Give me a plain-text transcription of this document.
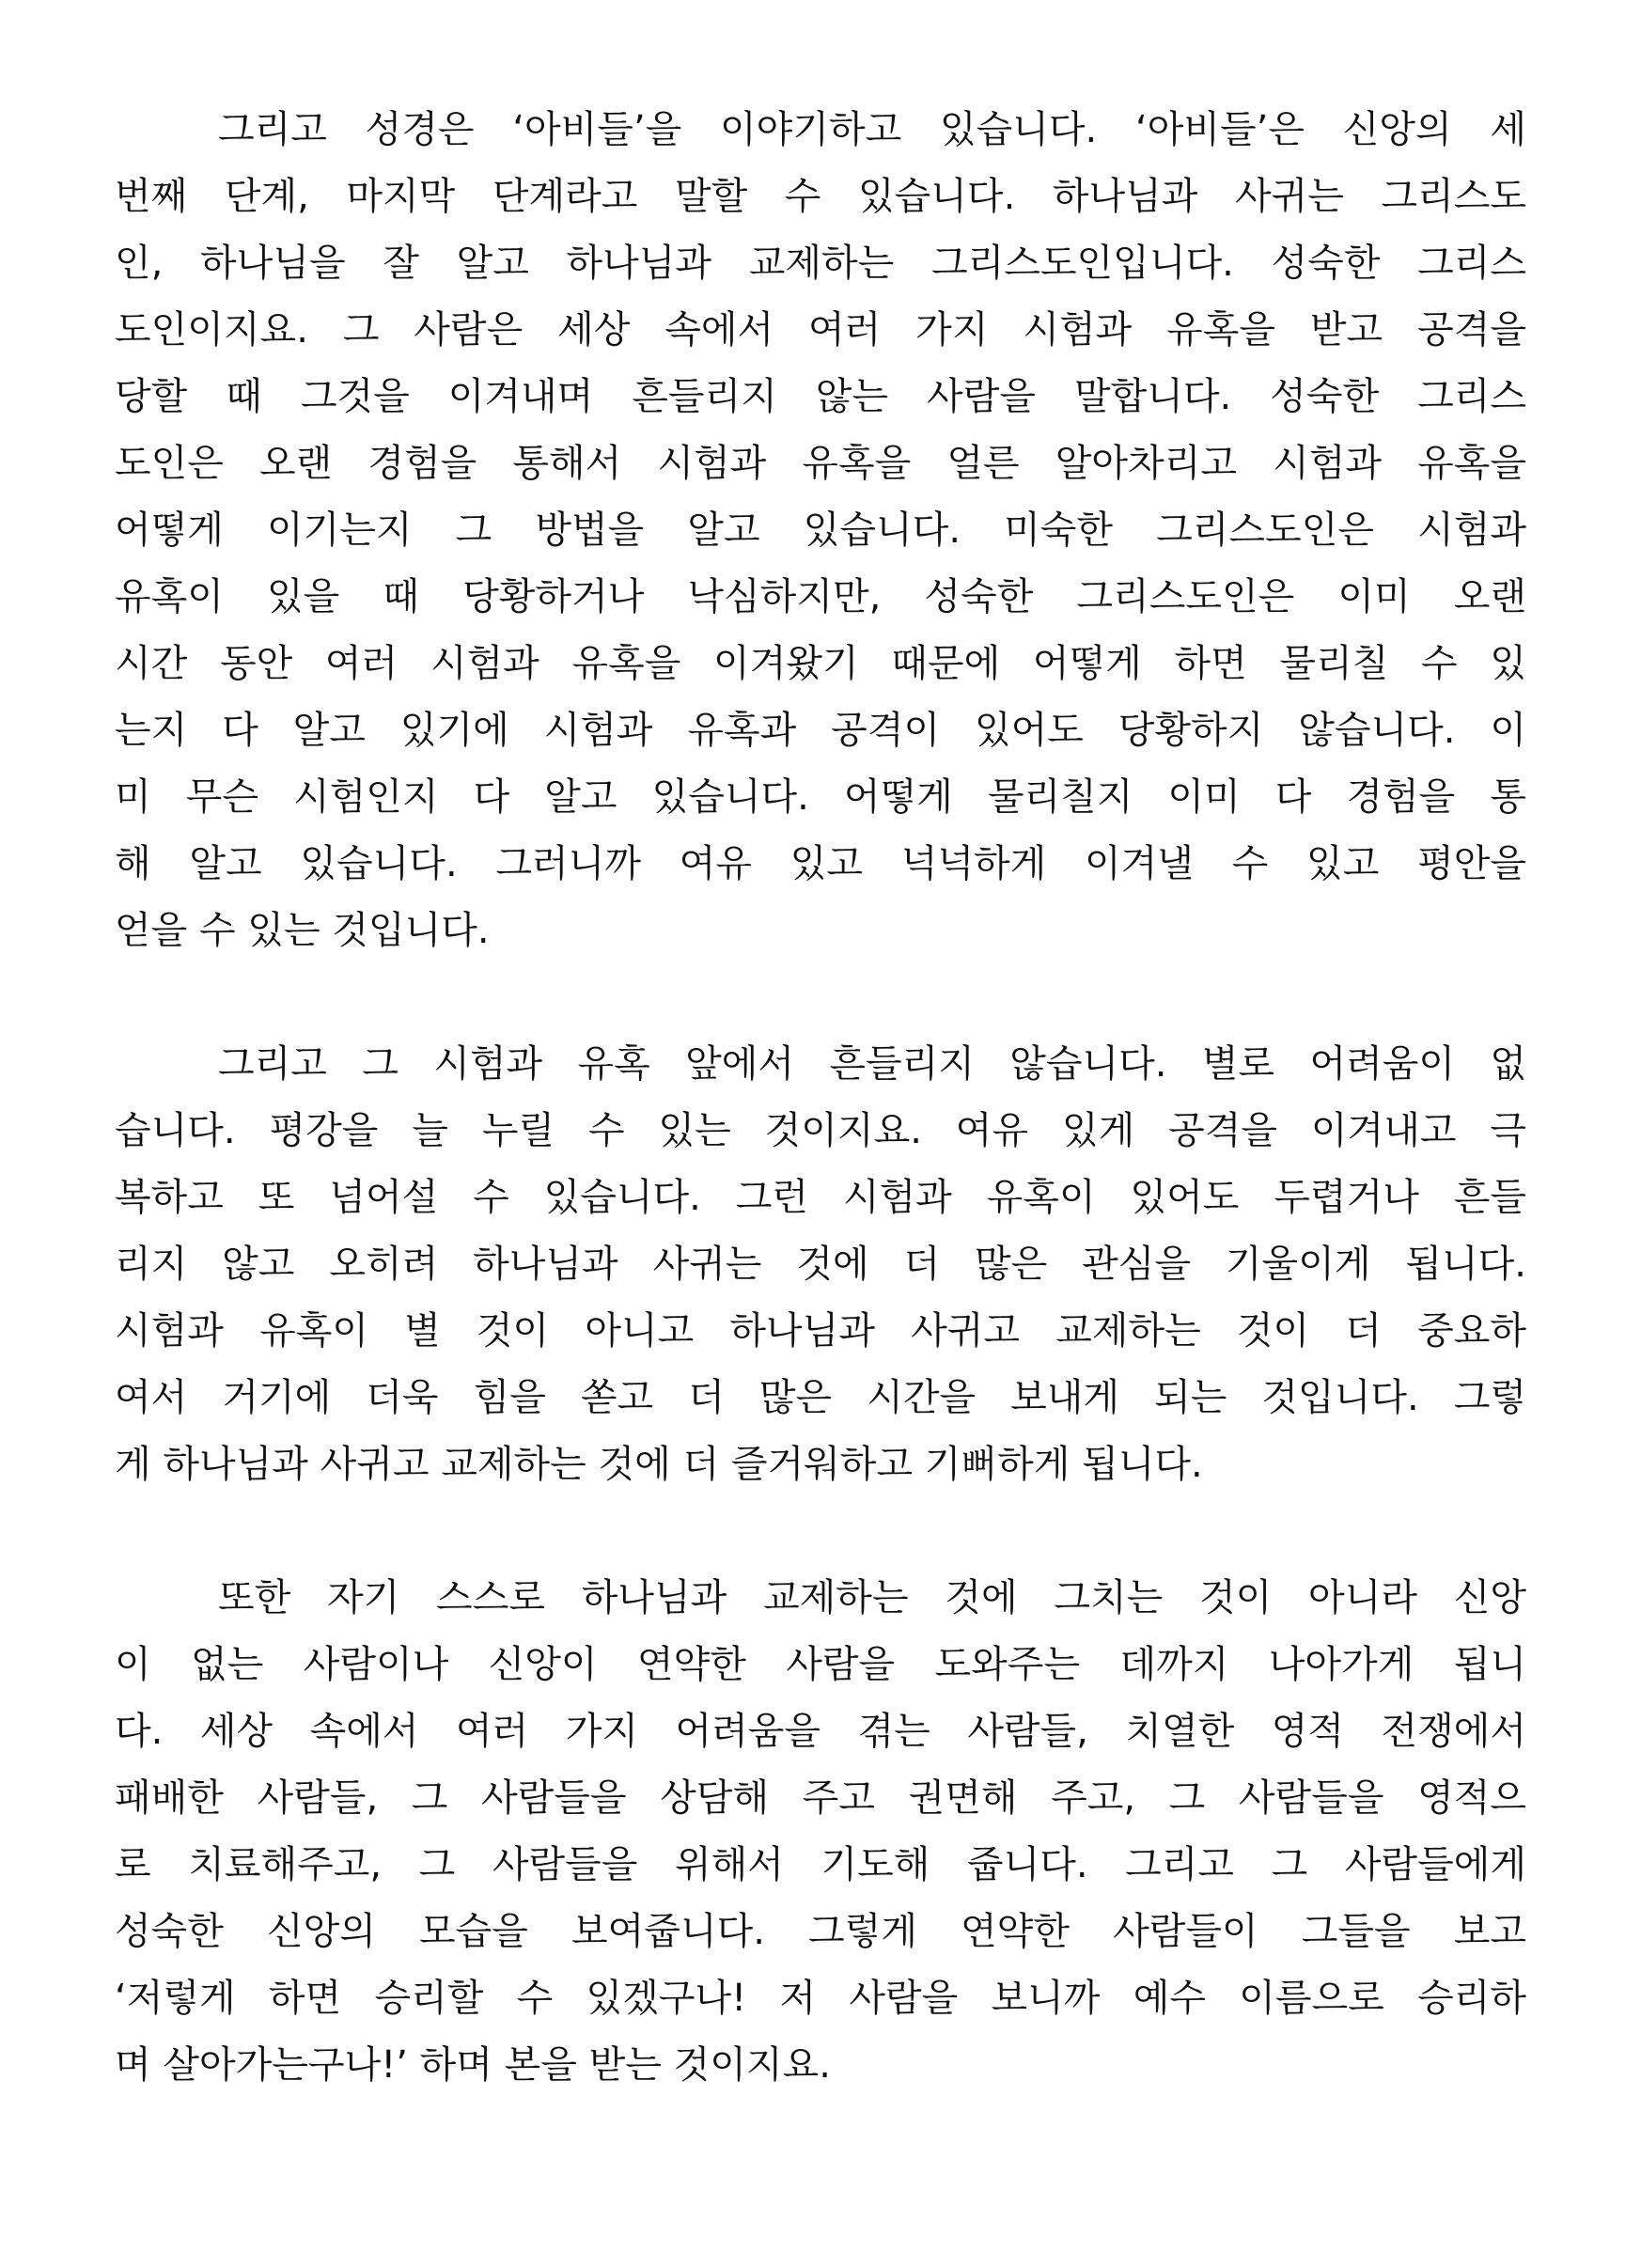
그리고 성경은 ‘아비들’을 이야기하고 있습니다. ‘아비들’은 신앙의 세
번째 단계, 마지막 단계라고 말할 수 있습니다. 하나님과 사귀는 그리스도
인, 하나님을 잘 알고 하나님과 교제하는 그리스도인입니다. 성숙한 그리스
도인이지요. 그 사람은 세상 속에서 여러 가지 시험과 유혹을 받고 공격을
당할 때 그것을 이겨내며 흔들리지 않는 사람을 말합니다. 성숙한 그리스
도인은 오랜 경험을 통해서 시험과 유혹을 얼른 알아차리고 시험과 유혹을
어떻게 이기는지 그 방법을 알고 있습니다. 미숙한 그리스도인은 시험과
유혹이 있을 때 당황하거나 낙심하지만, 성숙한 그리스도인은 이미 오랜
시간 동안 여러 시험과 유혹을 이겨왔기 때문에 어떻게 하면 물리칠 수 있
는지 다 알고 있기에 시험과 유혹과 공격이 있어도 당황하지 않습니다. 이
미 무슨 시험인지 다 알고 있습니다. 어떻게 물리칠지 이미 다 경험을 통
해 알고 있습니다. 그러니까 여유 있고 넉넉하게 이겨낼 수 있고 평안을
얻을 수 있는 것입니다.
그리고 그 시험과 유혹 앞에서 흔들리지 않습니다. 별로 어려움이 없
습니다. 평강을 늘 누릴 수 있는 것이지요. 여유 있게 공격을 이겨내고 극
복하고 또 넘어설 수 있습니다. 그런 시험과 유혹이 있어도 두렵거나 흔들
리지 않고 오히려 하나님과 사귀는 것에 더 많은 관심을 기울이게 됩니다.
시험과 유혹이 별 것이 아니고 하나님과 사귀고 교제하는 것이 더 중요하
여서 거기에 더욱 힘을 쏟고 더 많은 시간을 보내게 되는 것입니다. 그렇
게 하나님과 사귀고 교제하는 것에 더 즐거워하고 기뻐하게 됩니다.
또한 자기 스스로 하나님과 교제하는 것에 그치는 것이 아니라 신앙
이 없는 사람이나 신앙이 연약한 사람을 도와주는 데까지 나아가게 됩니
다. 세상 속에서 여러 가지 어려움을 겪는 사람들, 치열한 영적 전쟁에서
패배한 사람들, 그 사람들을 상담해 주고 권면해 주고, 그 사람들을 영적으
로 치료해주고, 그 사람들을 위해서 기도해 줍니다. 그리고 그 사람들에게
성숙한 신앙의 모습을 보여줍니다. 그렇게 연약한 사람들이 그들을 보고
‘저렇게 하면 승리할 수 있겠구나! 저 사람을 보니까 예수 이름으로 승리하
며 살아가는구나!’ 하며 본을 받는 것이지요.
